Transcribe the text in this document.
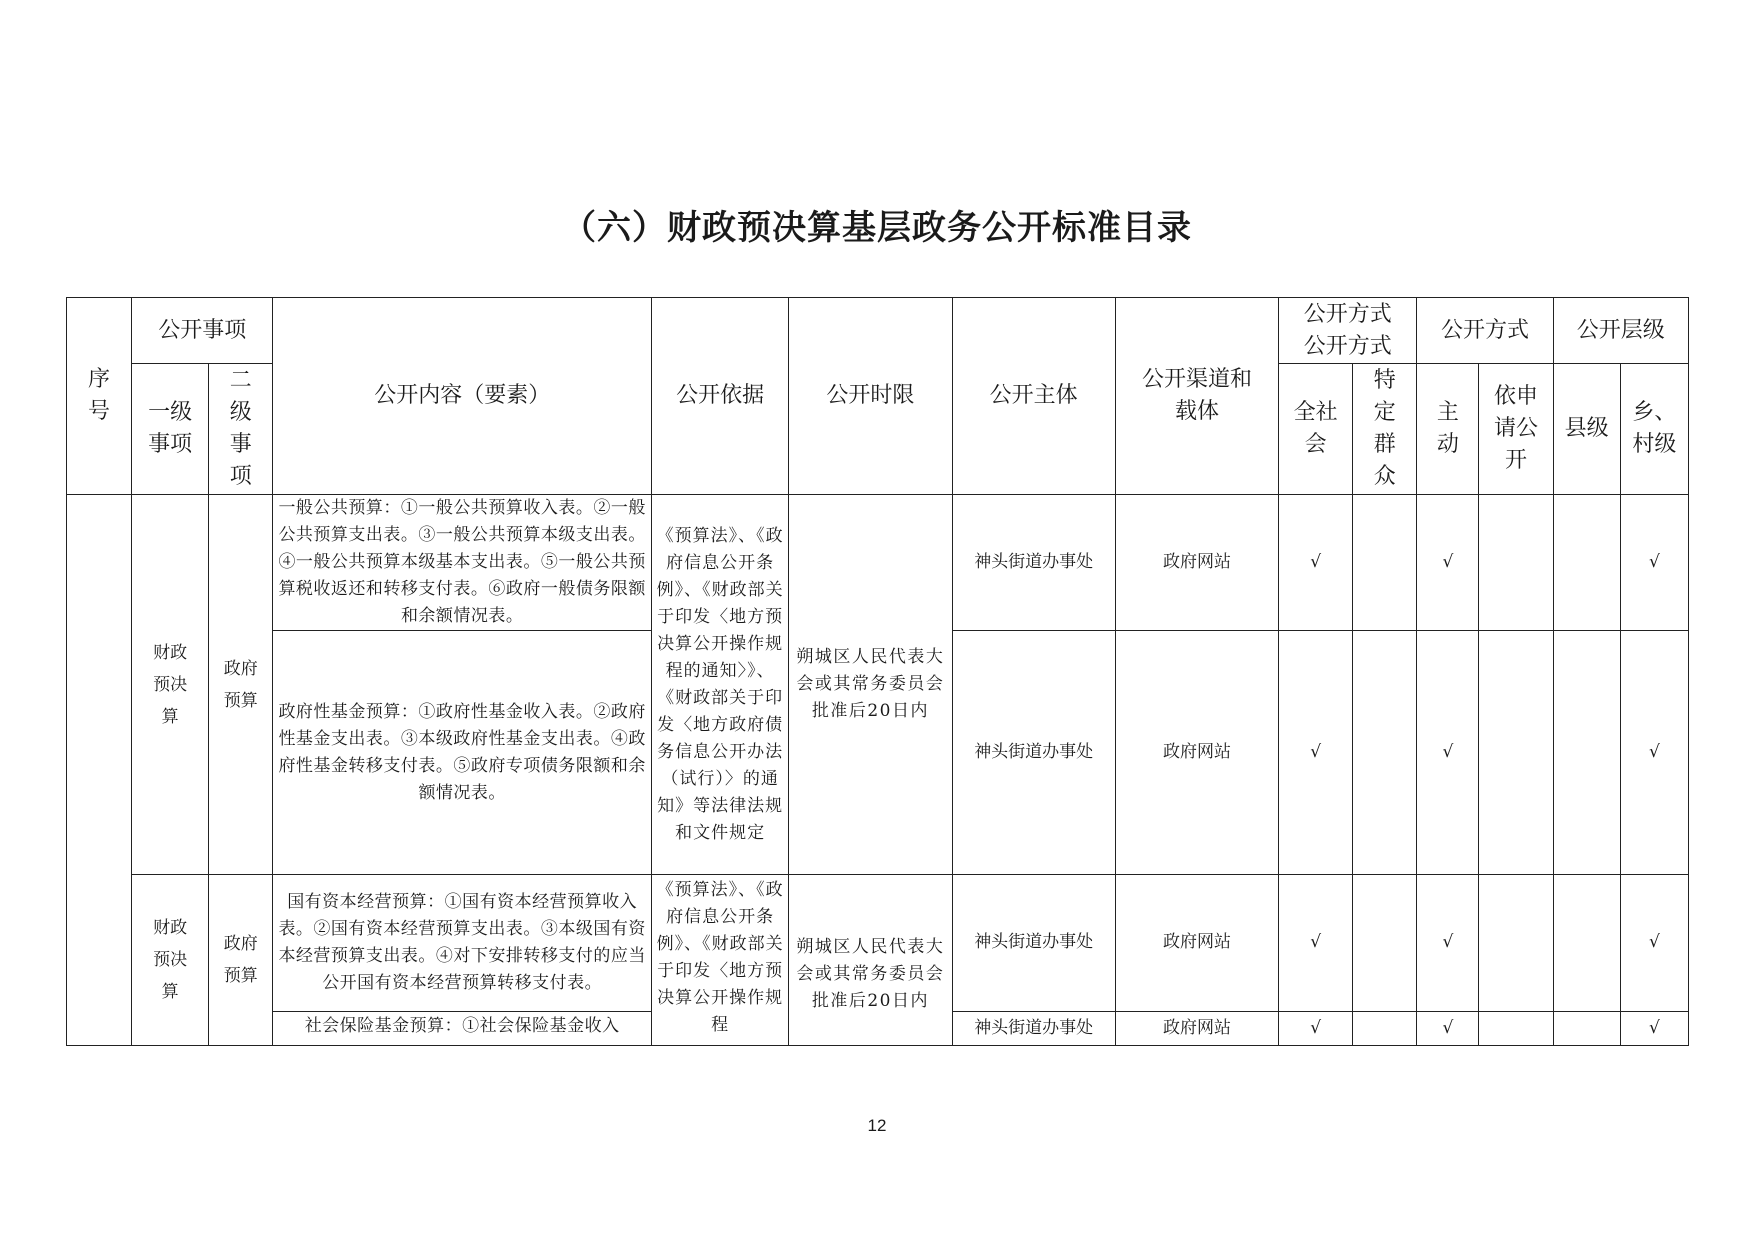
（六）财政预决算基层政务公开标准目录
序号	公开事项		公开内容（要素）	公开依据	公开时限	公开主体	公开渠道和载体	公开方式公开方式		公开方式		公开层级	
	一级事项	二级事项						全社会	特定群众	主动	依申请公开	县级	乡、村级
	财政预决算	政府预算	一般公共预算：①一般公共预算收入表。②一般公共预算支出表。③一般公共预算本级支出表。④一般公共预算本级基本支出表。⑤一般公共预算税收返还和转移支付表。⑥政府一般债务限额和余额情况表。	《预算法》、《政府信息公开条例》、《财政部关于印发〈地方预决算公开操作规程的通知〉》、《财政部关于印发〈地方政府债务信息公开办法（试行）〉的通知》等法律法规和文件规定	朔城区人民代表大会或其常务委员会批准后20日内	神头街道办事处	政府网站	√		√			√
			政府性基金预算：①政府性基金收入表。②政府性基金支出表。③本级政府性基金支出表。④政府性基金转移支付表。⑤政府专项债务限额和余额情况表。			神头街道办事处	政府网站	√		√			√
	财政预决算	政府预算	国有资本经营预算：①国有资本经营预算收入表。②国有资本经营预算支出表。③本级国有资本经营预算支出表。④对下安排转移支付的应当公开国有资本经营预算转移支付表。	《预算法》、《政府信息公开条例》、《财政部关于印发〈地方预决算公开操作规程	朔城区人民代表大会或其常务委员会批准后20日内	神头街道办事处	政府网站	√		√			√

			社会保险基金预算：①社会保险基金收入			神头街道办事处	政府网站	√		√			√
12
